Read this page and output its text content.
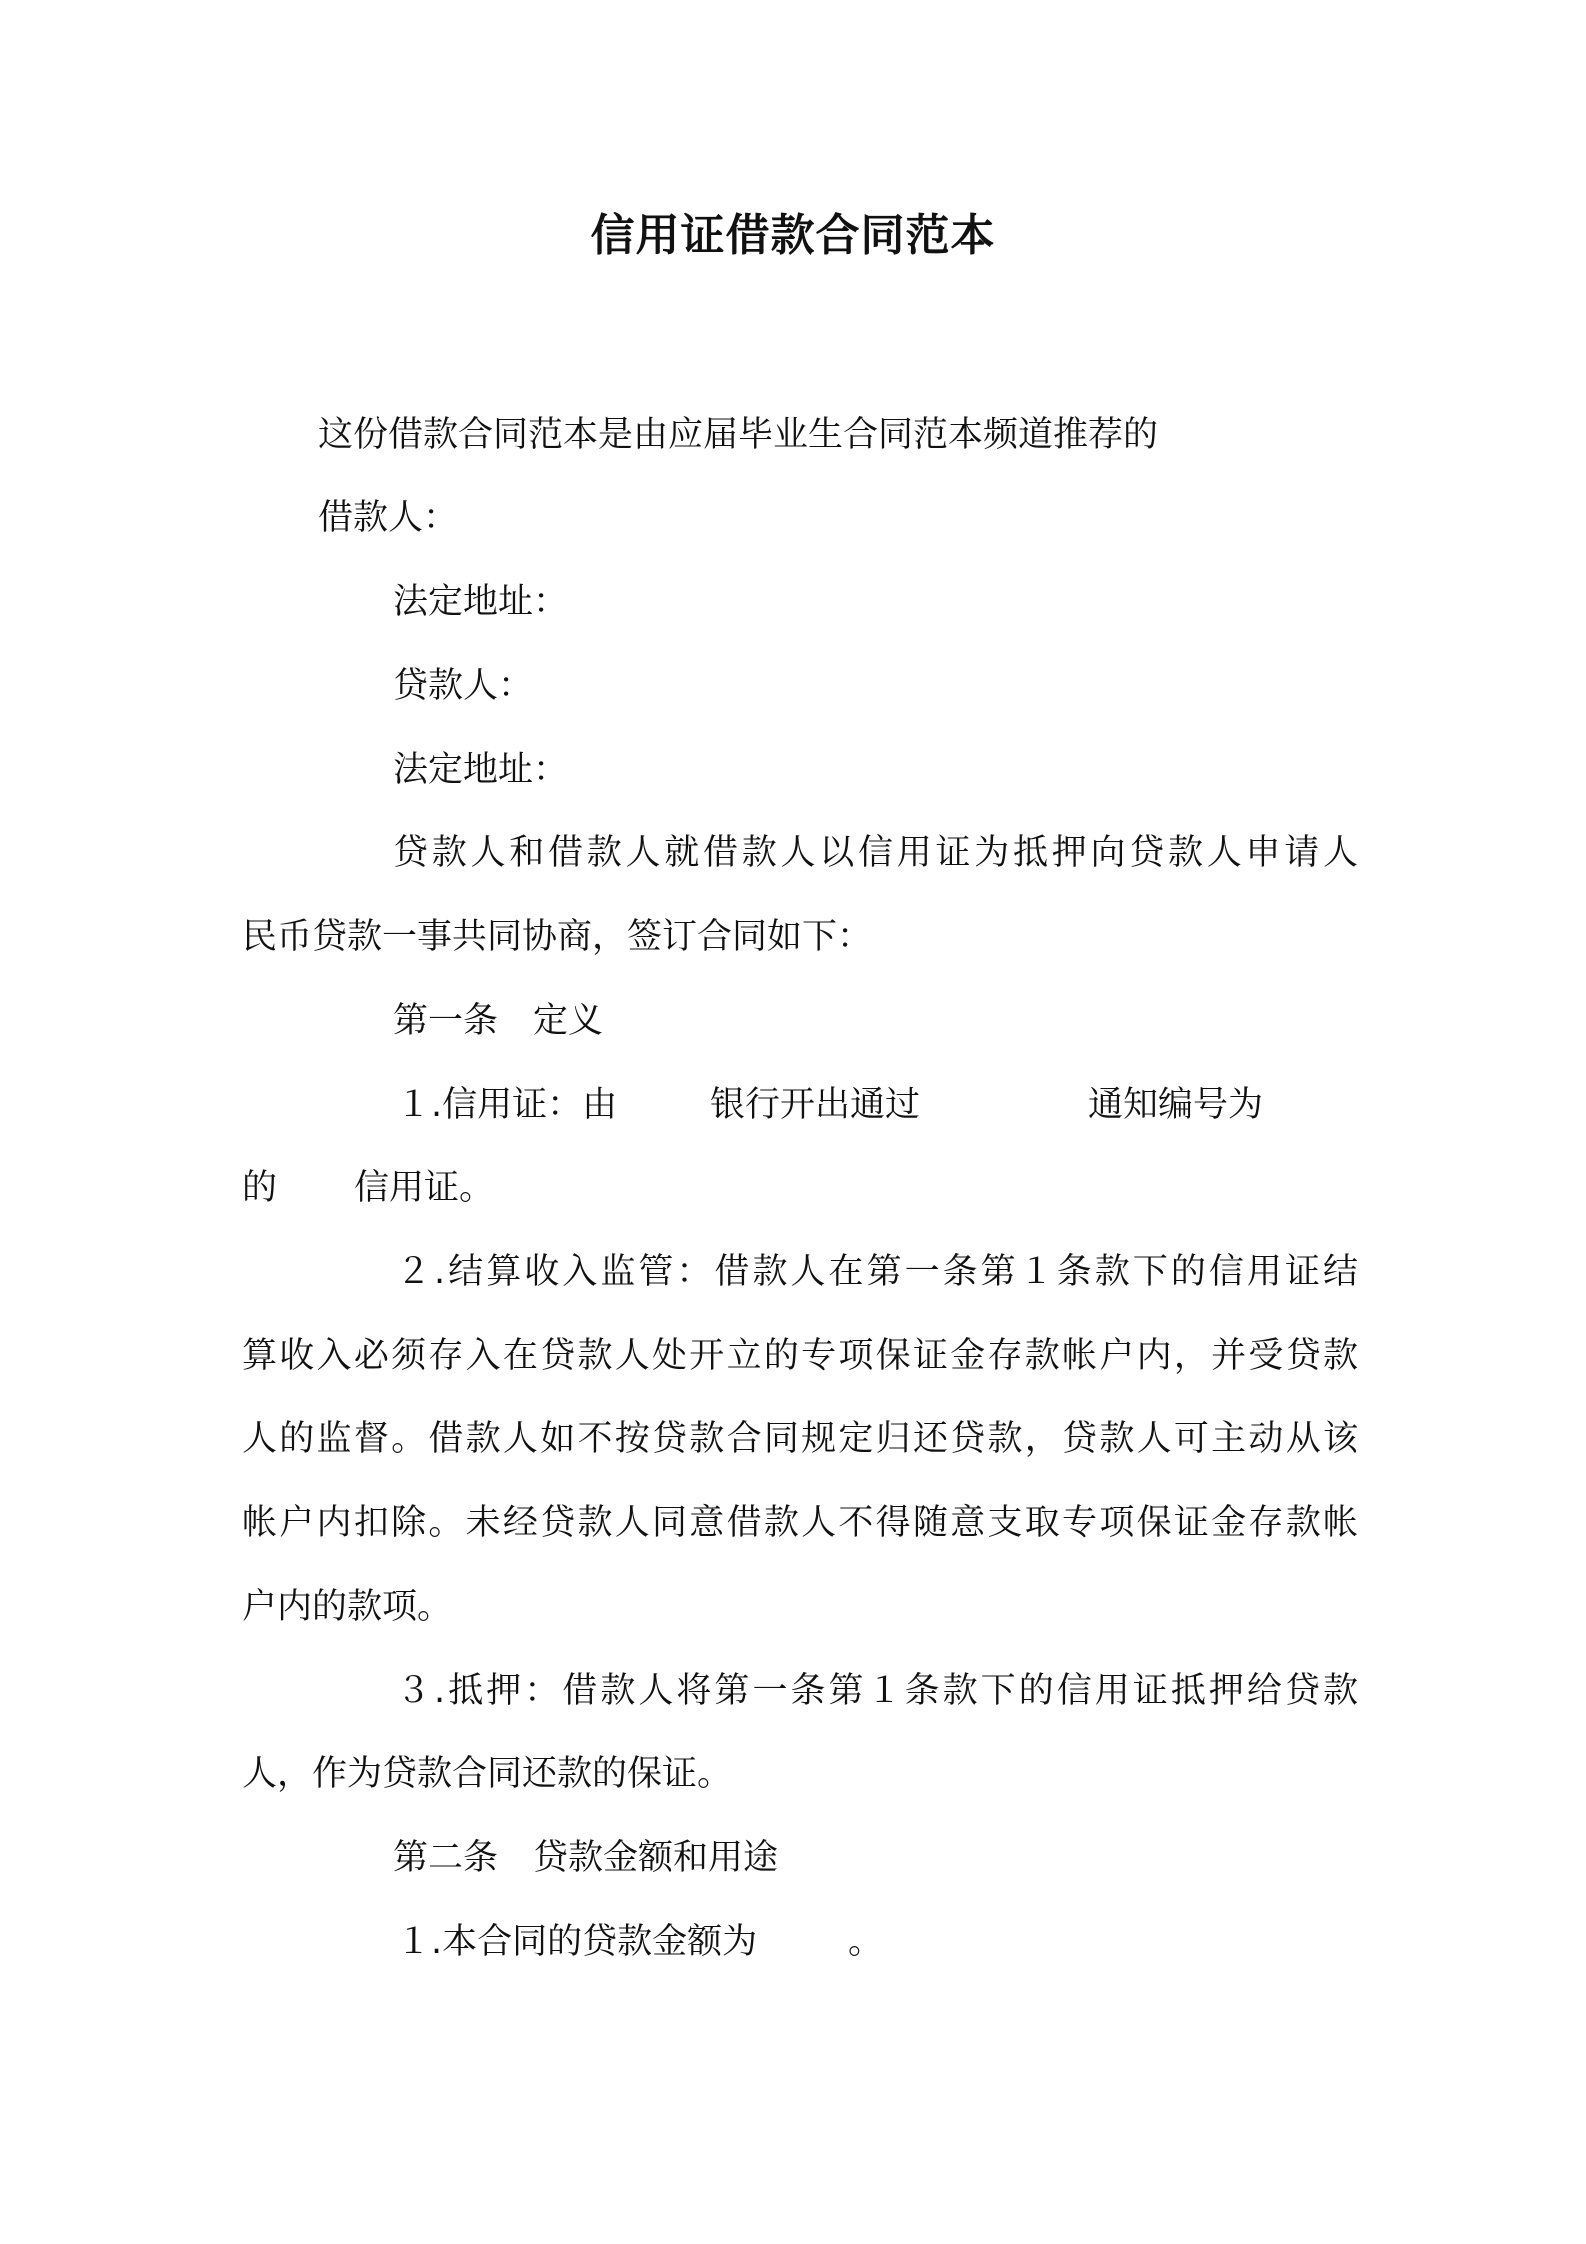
信用证借款合同范本
这份借款合同范本是由应届毕业生合同范本频道推荐的
借款人：
法定地址：
贷款人：
法定地址：
贷款人和借款人就借款人以信用证为抵押向贷款人申请人
民币贷款一事共同协商，签订合同如下：
第一条　定义
１.信用证：由	银行开出通过	通知编号为
的 信用证。
２.结算收入监管：借款人在第一条第１条款下的信用证结
算收入必须存入在贷款人处开立的专项保证金存款帐户内，并受贷款
人的监督。借款人如不按贷款合同规定归还贷款，贷款人可主动从该
帐户内扣除。未经贷款人同意借款人不得随意支取专项保证金存款帐
户内的款项。
３.抵押：借款人将第一条第１条款下的信用证抵押给贷款
人，作为贷款合同还款的保证。
第二条　贷款金额和用途
１.本合同的贷款金额为	。
